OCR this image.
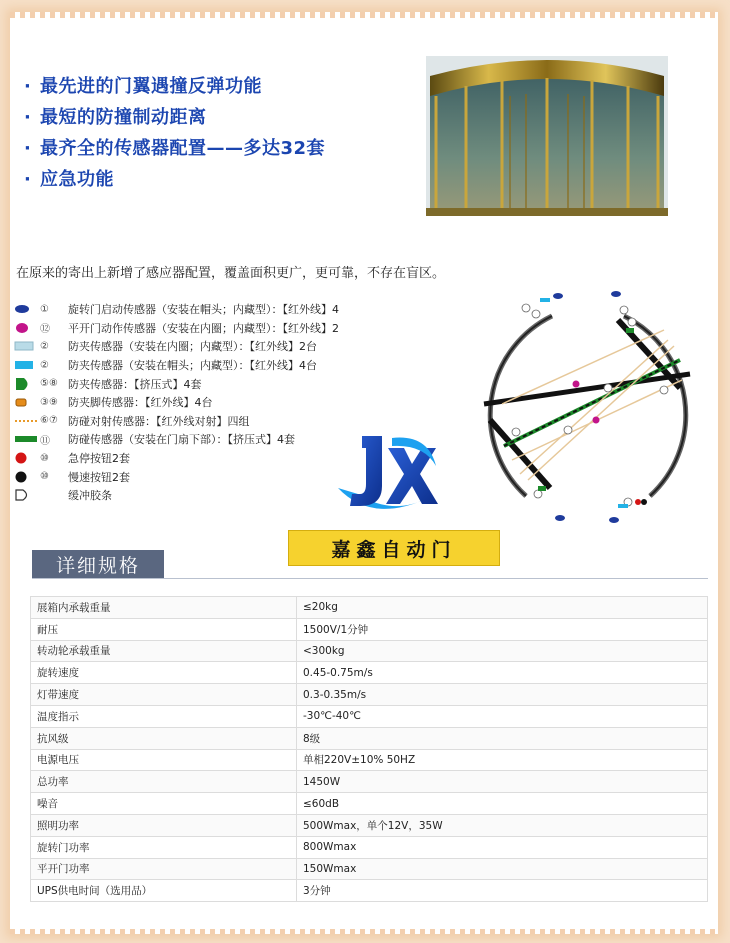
· 最先进的门翼遇撞反弹功能
· 最短的防撞制动距离
· 最齐全的传感器配置——多达32套
· 应急功能
在原来的寄出上新增了感应器配置，覆盖面积更广，更可靠，不存在盲区。
①	旋转门启动传感器（安装在帽头；内藏型）：【红外线】4
⑫	平开门动作传感器（安装在内圈；内藏型）：【红外线】2
②	防夹传感器（安装在内圈；内藏型）：【红外线】2台
②	防夹传感器（安装在帽头；内藏型）：【红外线】4台
⑤⑧ 防夹传感器：【挤压式】4套
③⑨ 防夹脚传感器：【红外线】4台
⑥⑦ 防碰对射传感器：【红外线对射】四组
⑪	防碰传感器（安装在门扇下部）：【挤压式】4套
⑩	急停按钮2套
⑩	慢速按钮2套
缓冲胶条
嘉鑫自动门
详细规格
展箱内承载重量	≤20kg
耐压	1500V/1分钟
转动轮承载重量	<300kg
旋转速度	0.45-0.75m/s
灯带速度	0.3-0.35m/s
温度指示	-30℃-40℃
抗风级	8级
电源电压	单相220V±10% 50HZ
总功率	1450W
噪音	≤60dB
照明功率	500Wmax，单个12V，35W
旋转门功率	800Wmax
平开门功率	150Wmax
UPS供电时间（选用品）	3分钟
